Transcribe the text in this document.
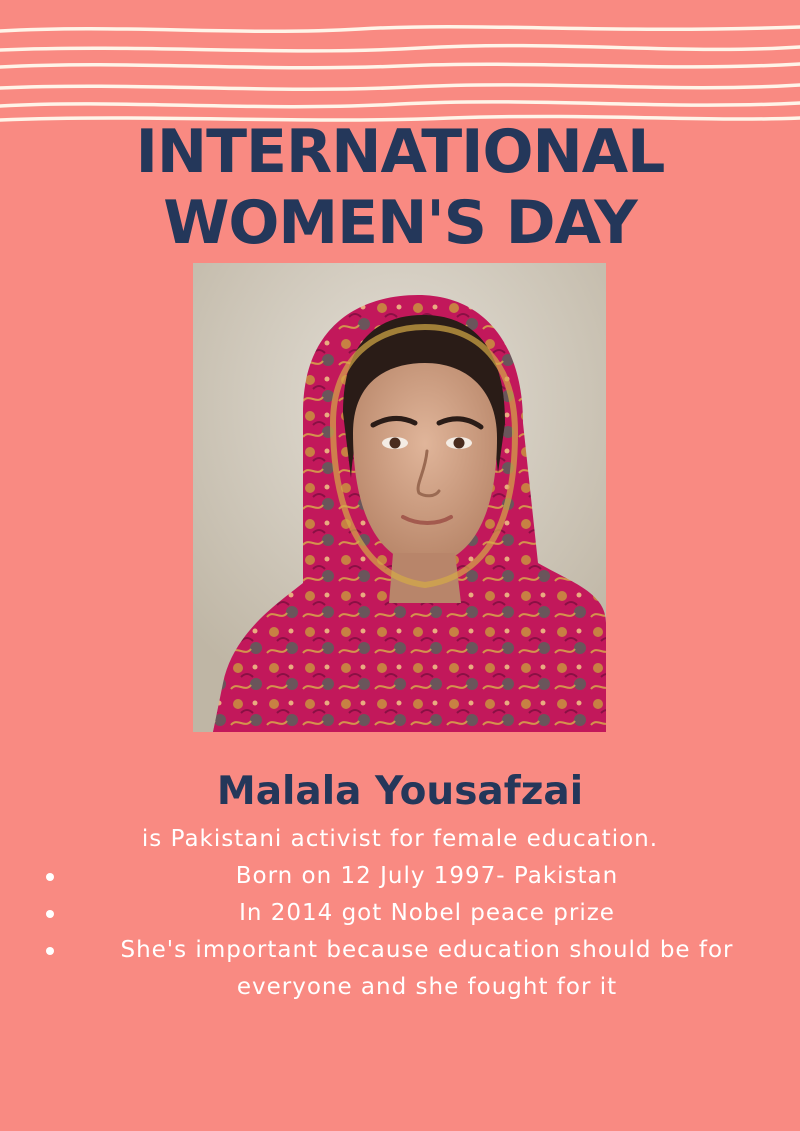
INTERNATIONAL
WOMEN'S DAY
Malala Yousafzai
is Pakistani activist for female education.
Born on 12 July 1997- Pakistan
In 2014 got Nobel peace prize
She's important because education should be for everyone and she fought for it
